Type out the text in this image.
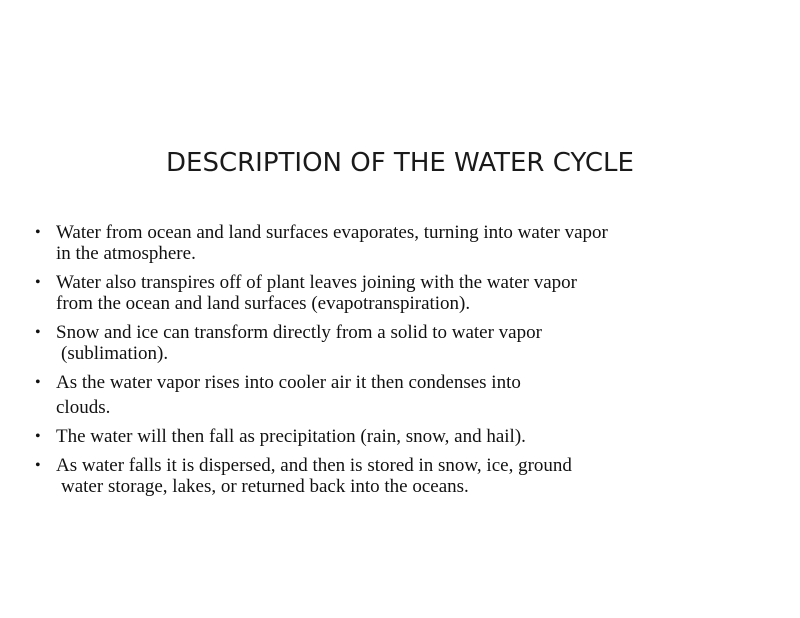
DESCRIPTION OF THE WATER CYCLE
• Water from ocean and land surfaces evaporates, turning into water vapor
in the atmosphere.
• Water also transpires off of plant leaves joining with the water vapor
from the ocean and land surfaces (evapotranspiration).
• Snow and ice can transform directly from a solid to water vapor
(sublimation).
• As the water vapor rises into cooler air it then condenses into
clouds.
• The water will then fall as precipitation (rain, snow, and hail).
• As water falls it is dispersed, and then is stored in snow, ice, ground
water storage, lakes, or returned back into the oceans.
